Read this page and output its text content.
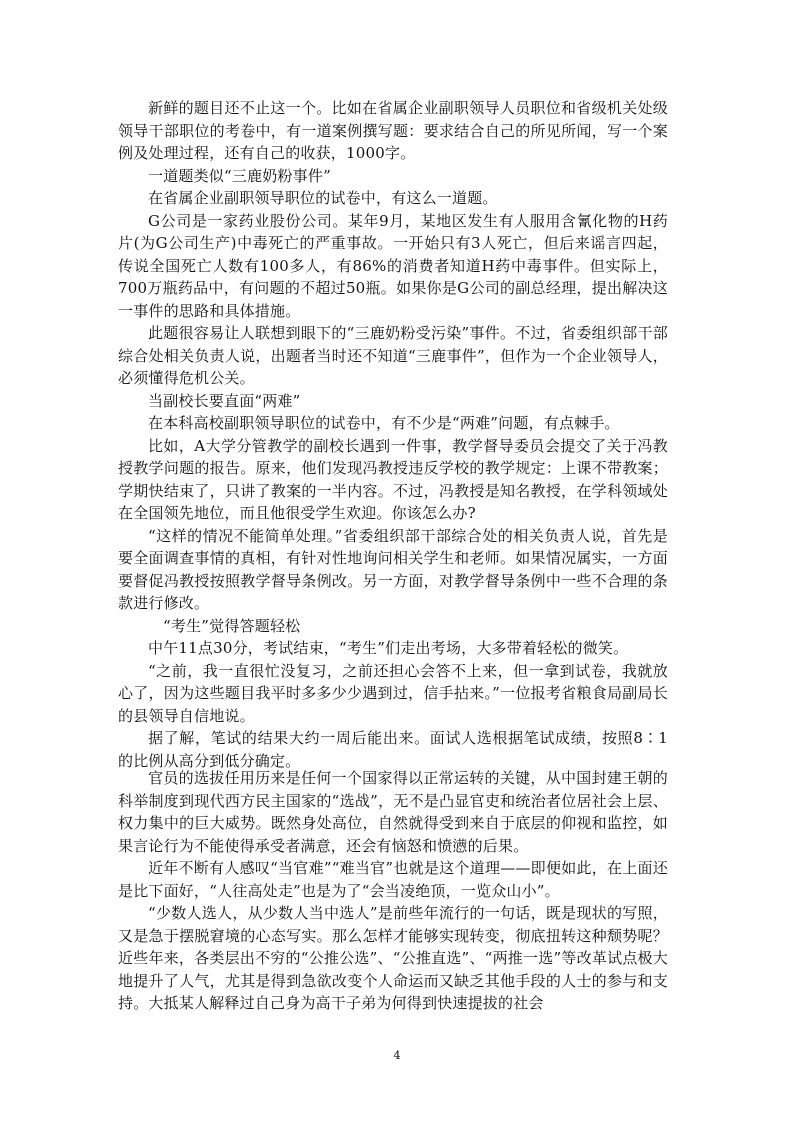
新鲜的题目还不止这一个。比如在省属企业副职领导人员职位和省级机关处级领导干部职位的考卷中，有一道案例撰写题：要求结合自己的所见所闻，写一个案例及处理过程，还有自己的收获，1000字。

一道题类似“三鹿奶粉事件”

在省属企业副职领导职位的试卷中，有这么一道题。

G公司是一家药业股份公司。某年9月，某地区发生有人服用含氰化物的H药片(为G公司生产)中毒死亡的严重事故。一开始只有3人死亡，但后来谣言四起，传说全国死亡人数有100多人，有86%的消费者知道H药中毒事件。但实际上，700万瓶药品中，有问题的不超过50瓶。如果你是G公司的副总经理，提出解决这一事件的思路和具体措施。

此题很容易让人联想到眼下的“三鹿奶粉受污染”事件。不过，省委组织部干部综合处相关负责人说，出题者当时还不知道“三鹿事件”，但作为一个企业领导人，必须懂得危机公关。

当副校长要直面“两难”

在本科高校副职领导职位的试卷中，有不少是“两难”问题，有点棘手。

比如，A大学分管教学的副校长遇到一件事，教学督导委员会提交了关于冯教授教学问题的报告。原来，他们发现冯教授违反学校的教学规定：上课不带教案；学期快结束了，只讲了教案的一半内容。不过，冯教授是知名教授，在学科领域处在全国领先地位，而且他很受学生欢迎。你该怎么办?

“这样的情况不能简单处理。”省委组织部干部综合处的相关负责人说，首先是要全面调查事情的真相，有针对性地询问相关学生和老师。如果情况属实，一方面要督促冯教授按照教学督导条例改。另一方面，对教学督导条例中一些不合理的条款进行修改。

“考生”觉得答题轻松

中午11点30分，考试结束，“考生”们走出考场，大多带着轻松的微笑。

“之前，我一直很忙没复习，之前还担心会答不上来，但一拿到试卷，我就放心了，因为这些题目我平时多多少少遇到过，信手拈来。”一位报考省粮食局副局长的县领导自信地说。

据了解，笔试的结果大约一周后能出来。面试人选根据笔试成绩，按照8∶1的比例从高分到低分确定。

官员的选拔任用历来是任何一个国家得以正常运转的关键，从中国封建王朝的科举制度到现代西方民主国家的“选战”，无不是凸显官吏和统治者位居社会上层、权力集中的巨大威势。既然身处高位，自然就得受到来自于底层的仰视和监控，如果言论行为不能使得承受者满意，还会有恼怒和愤懑的后果。

近年不断有人感叹“当官难”“难当官”也就是这个道理——即便如此，在上面还是比下面好，“人往高处走”也是为了“会当凌绝顶，一览众山小”。

“少数人选人，从少数人当中选人”是前些年流行的一句话，既是现状的写照，又是急于摆脱窘境的心态写实。那么怎样才能够实现转变，彻底扭转这种颓势呢？近些年来，各类层出不穷的“公推公选”、“公推直选”、“两推一选”等改革试点极大地提升了人气，尤其是得到急欲改变个人命运而又缺乏其他手段的人士的参与和支持。大抵某人解释过自己身为高干子弟为何得到快速提拔的社会

4
